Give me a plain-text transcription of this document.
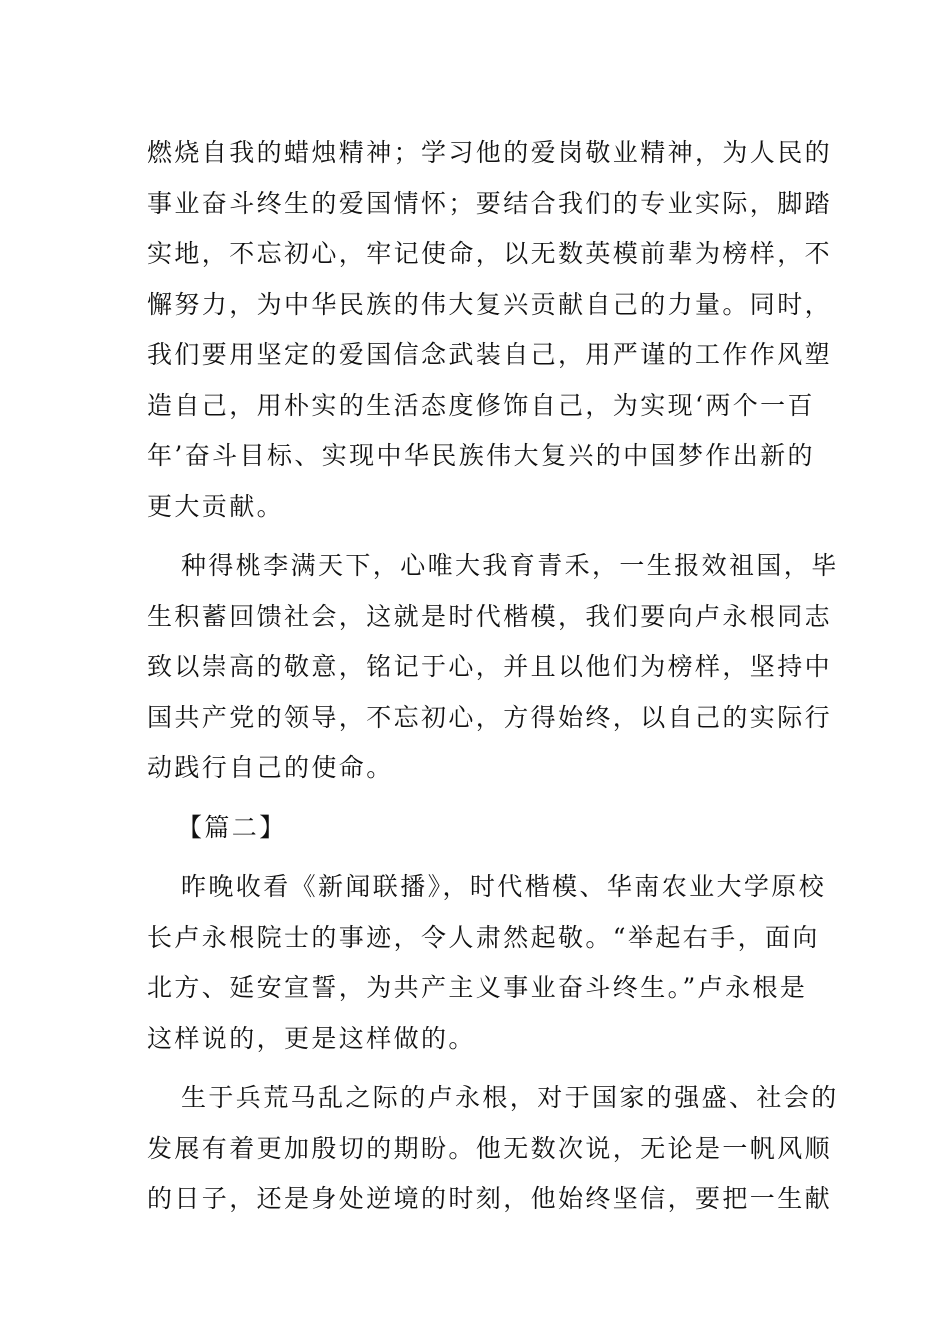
燃烧自我的蜡烛精神；学习他的爱岗敬业精神，为人民的
事业奋斗终生的爱国情怀；要结合我们的专业实际，脚踏
实地，不忘初心，牢记使命，以无数英模前辈为榜样，不
懈努力，为中华民族的伟大复兴贡献自己的力量。同时，
我们要用坚定的爱国信念武装自己，用严谨的工作作风塑
造自己，用朴实的生活态度修饰自己，为实现‘两个一百
年’奋斗目标、实现中华民族伟大复兴的中国梦作出新的
更大贡献。
种得桃李满天下，心唯大我育青禾，一生报效祖国，毕
生积蓄回馈社会，这就是时代楷模，我们要向卢永根同志
致以崇高的敬意，铭记于心，并且以他们为榜样，坚持中
国共产党的领导，不忘初心，方得始终，以自己的实际行
动践行自己的使命。
【篇二】
昨晚收看《新闻联播》，时代楷模、华南农业大学原校
长卢永根院士的事迹，令人肃然起敬。“举起右手，面向
北方、延安宣誓，为共产主义事业奋斗终生。”卢永根是
这样说的，更是这样做的。
生于兵荒马乱之际的卢永根，对于国家的强盛、社会的
发展有着更加殷切的期盼。他无数次说，无论是一帆风顺
的日子，还是身处逆境的时刻，他始终坚信，要把一生献
